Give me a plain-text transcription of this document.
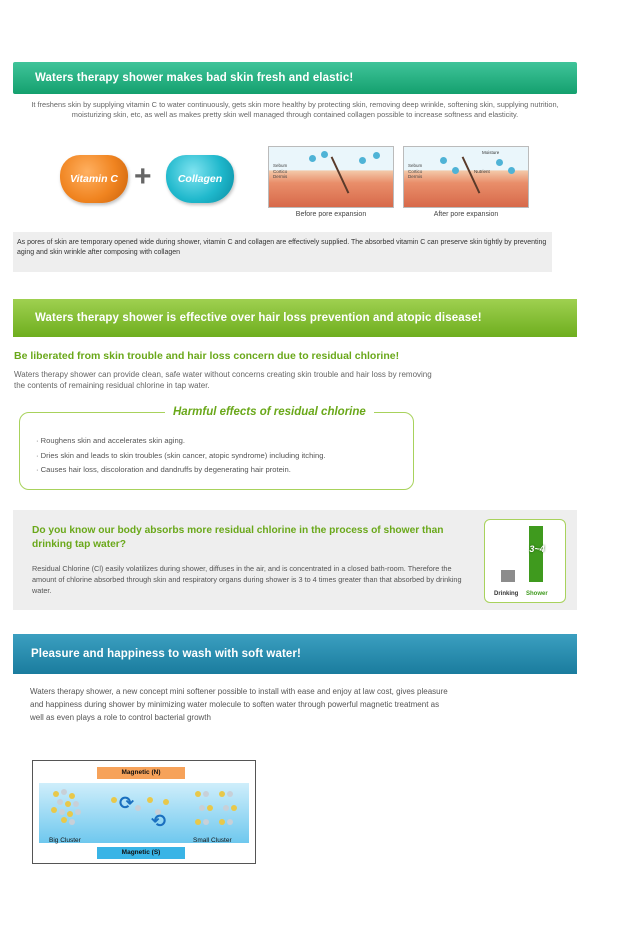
Waters therapy shower makes bad skin fresh and elastic!
It freshens skin by supplying vitamin C to water continuously, gets skin more healthy by protecting skin, removing deep wrinkle, softening skin, supplying nutrition, moisturizing skin, etc, as well as makes pretty skin well managed through contained collagen possible to increase softness and elasticity.
Vitamin C +	Collagen
Sebum
Cortico
Dermis
Sebum
Cortico
Dermis
Moisture
Nutrient
Before pore expansion	After pore expansion
As pores of skin are temporary opened wide during shower, vitamin C and collagen are effectively supplied. The absorbed vitamin C can preserve skin tightly by preventing aging and skin wrinkle after composing with collagen
Waters therapy shower is effective over hair loss prevention and atopic disease!
Be liberated from skin trouble and hair loss concern due to residual chlorine!
Waters therapy shower can provide clean, safe water without concerns creating skin trouble and hair loss by removing the contents of remaining residual chlorine in tap water.
Harmful effects of residual chlorine
· Roughens skin and accelerates skin aging.
· Dries skin and leads to skin troubles (skin cancer, atopic syndrome) including itching.
· Causes hair loss, discoloration and dandruffs by degenerating hair protein.
Do you know our body absorbs more residual chlorine in the process of shower than drinking tap water?
Residual Chlorine (Cl) easily volatilizes during shower, diffuses in the air, and is concentrated in a closed bath-room. Therefore the amount of chlorine absorbed through skin and respiratory organs during shower is 3 to 4 times greater than that absorbed by drinking water.
3~4
Drinking Shower
Pleasure and happiness to wash with soft water!
Waters therapy shower, a new concept mini softener possible to install with ease and enjoy at law cost, gives pleasure and happiness during shower by minimizing water molecule to soften water through powerful magnetic treatment as well as even plays a role to control bacterial growth
⟳
⟲
Magnetic (N)
Magnetic (S)
Big Cluster	Small Cluster
